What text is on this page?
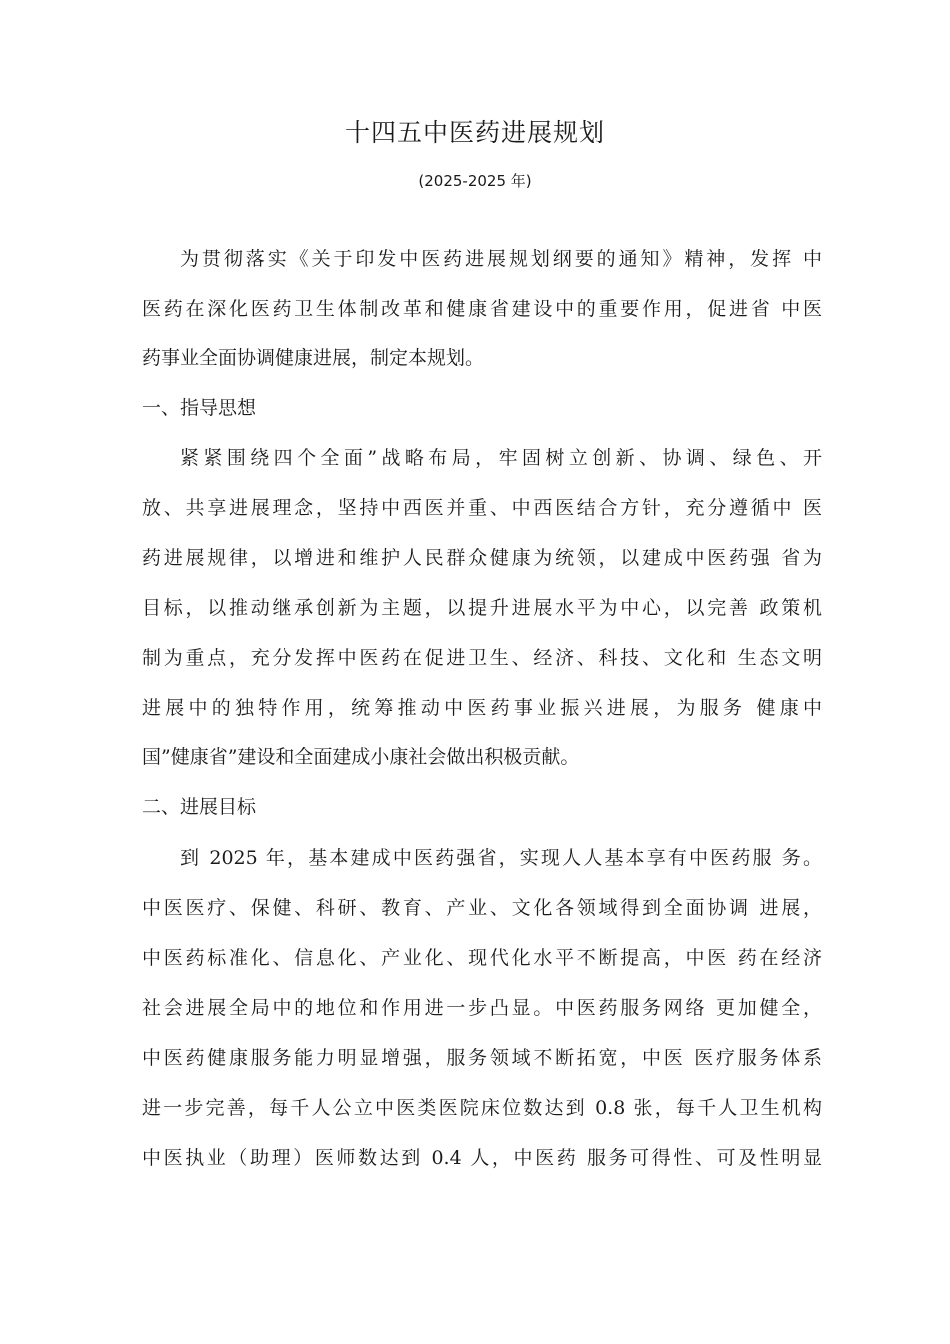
十四五中医药进展规划
(2025-2025 年)
为贯彻落实《关于印发中医药进展规划纲要的通知》精神，发挥 中
医药在深化医药卫生体制改革和健康省建设中的重要作用，促进省 中医
药事业全面协调健康进展，制定本规划。
一、指导思想
紧紧围绕四个全面”战略布局，牢固树立创新、协调、绿色、开
放、共享进展理念，坚持中西医并重、中西医结合方针，充分遵循中 医
药进展规律，以增进和维护人民群众健康为统领，以建成中医药强 省为
目标，以推动继承创新为主题，以提升进展水平为中心，以完善 政策机
制为重点，充分发挥中医药在促进卫生、经济、科技、文化和 生态文明
进展中的独特作用，统筹推动中医药事业振兴进展，为服务 健康中
国”健康省”建设和全面建成小康社会做出积极贡献。
二、进展目标
到 2025 年，基本建成中医药强省，实现人人基本享有中医药服 务。
中医医疗、保健、科研、教育、产业、文化各领域得到全面协调 进展，
中医药标准化、信息化、产业化、现代化水平不断提高，中医 药在经济
社会进展全局中的地位和作用进一步凸显。中医药服务网络 更加健全，
中医药健康服务能力明显增强，服务领域不断拓宽，中医 医疗服务体系
进一步完善，每千人公立中医类医院床位数达到 0.8 张，每千人卫生机构
中医执业（助理）医师数达到 0.4 人，中医药 服务可得性、可及性明显
